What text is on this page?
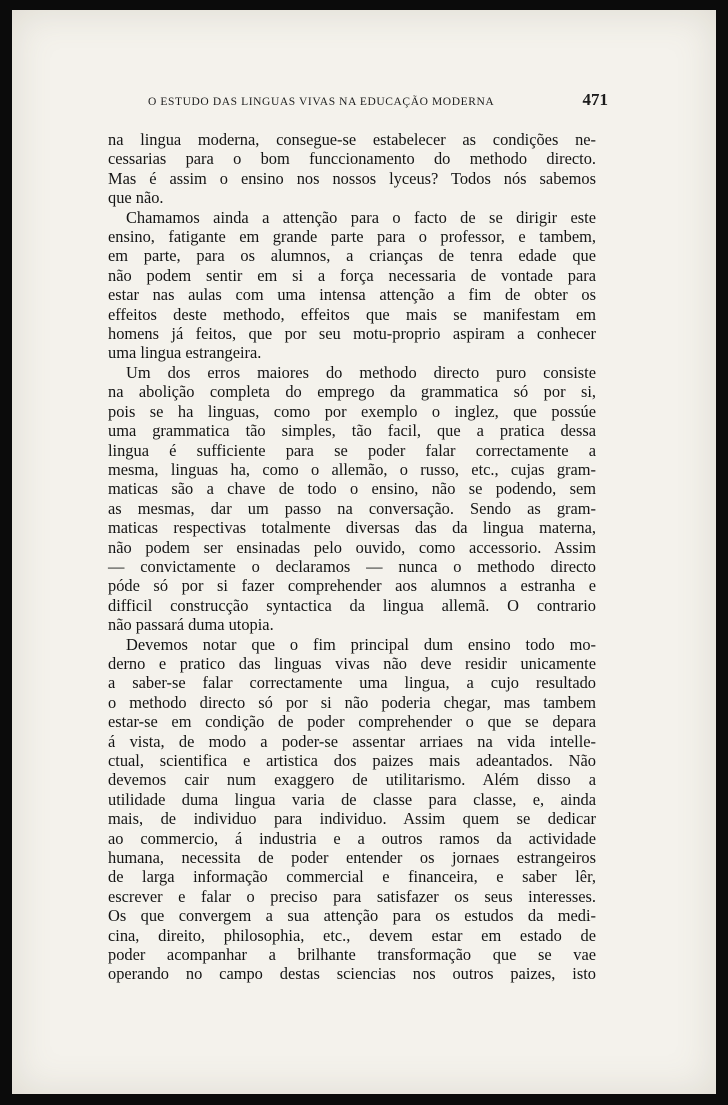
O ESTUDO DAS LINGUAS VIVAS NA EDUCAÇÃO MODERNA	471
na lingua moderna, consegue-se estabelecer as condições ne-
cessarias para o bom funccionamento do methodo directo.
Mas é assim o ensino nos nossos lyceus? Todos nós sabemos
que não.
Chamamos ainda a attenção para o facto de se dirigir este
ensino, fatigante em grande parte para o professor, e tambem,
em parte, para os alumnos, a crianças de tenra edade que
não podem sentir em si a força necessaria de vontade para
estar nas aulas com uma intensa attenção a fim de obter os
effeitos deste methodo, effeitos que mais se manifestam em
homens já feitos, que por seu motu-proprio aspiram a conhecer
uma lingua estrangeira.
Um dos erros maiores do methodo directo puro consiste
na abolição completa do emprego da grammatica só por si,
pois se ha linguas, como por exemplo o inglez, que possúe
uma grammatica tão simples, tão facil, que a pratica dessa
lingua é sufficiente para se poder falar correctamente a
mesma, linguas ha, como o allemão, o russo, etc., cujas gram-
maticas são a chave de todo o ensino, não se podendo, sem
as mesmas, dar um passo na conversação. Sendo as gram-
maticas respectivas totalmente diversas das da lingua materna,
não podem ser ensinadas pelo ouvido, como accessorio. Assim
— convictamente o declaramos — nunca o methodo directo
póde só por si fazer comprehender aos alumnos a estranha e
difficil construcção syntactica da lingua allemã. O contrario
não passará duma utopia.
Devemos notar que o fim principal dum ensino todo mo-
derno e pratico das linguas vivas não deve residir unicamente
a saber-se falar correctamente uma lingua, a cujo resultado
o methodo directo só por si não poderia chegar, mas tambem
estar-se em condição de poder comprehender o que se depara
á vista, de modo a poder-se assentar arriaes na vida intelle-
ctual, scientifica e artistica dos paizes mais adeantados. Não
devemos cair num exaggero de utilitarismo. Além disso a
utilidade duma lingua varia de classe para classe, e, ainda
mais, de individuo para individuo. Assim quem se dedicar
ao commercio, á industria e a outros ramos da actividade
humana, necessita de poder entender os jornaes estrangeiros
de larga informação commercial e financeira, e saber lêr,
escrever e falar o preciso para satisfazer os seus interesses.
Os que convergem a sua attenção para os estudos da medi-
cina, direito, philosophia, etc., devem estar em estado de
poder acompanhar a brilhante transformação que se vae
operando no campo destas sciencias nos outros paizes, isto
